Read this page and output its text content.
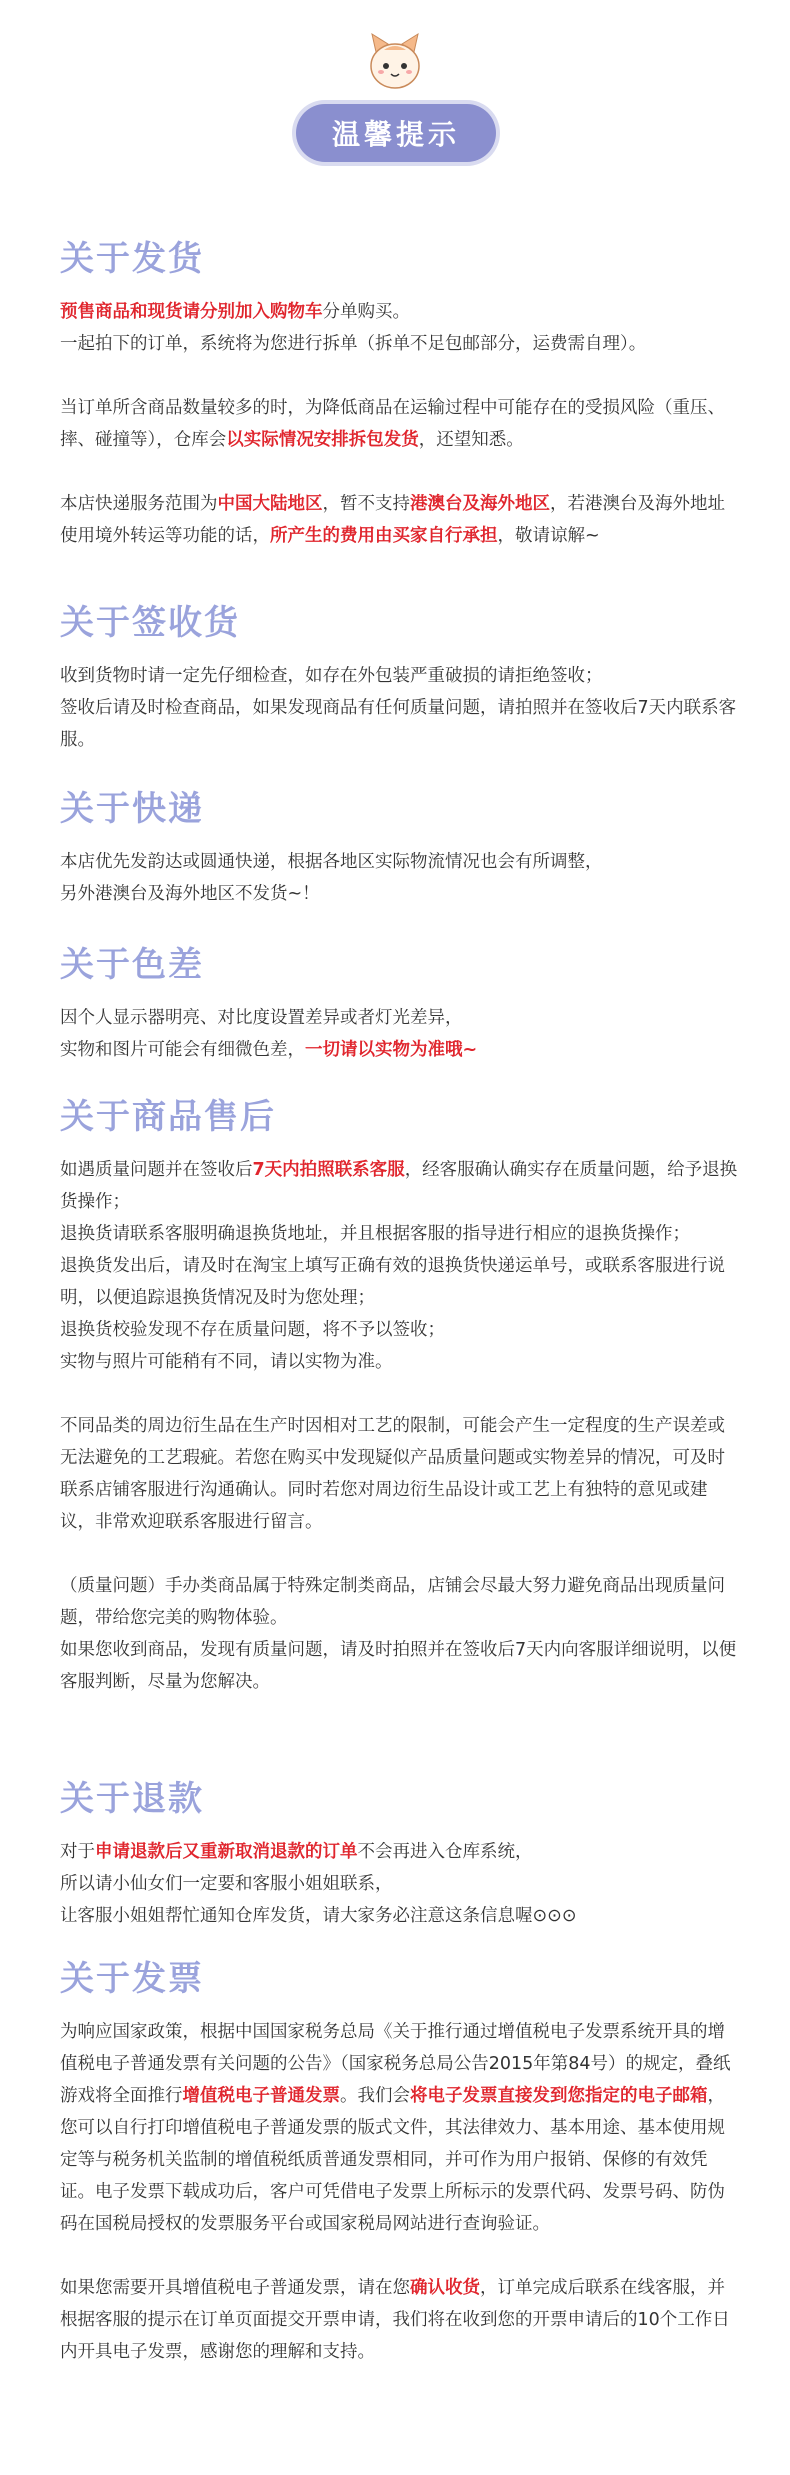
温馨提示
关于发货

预售商品和现货请分别加入购物车分单购买。

一起拍下的订单，系统将为您进行拆单（拆单不足包邮部分，运费需自理）。

当订单所含商品数量较多的时，为降低商品在运输过程中可能存在的受损风险（重压、摔、碰撞等），仓库会以实际情况安排拆包发货，还望知悉。

本店快递服务范围为中国大陆地区，暂不支持港澳台及海外地区，若港澳台及海外地址使用境外转运等功能的话，所产生的费用由买家自行承担，敬请谅解~

关于签收货

收到货物时请一定先仔细检查，如存在外包装严重破损的请拒绝签收；

签收后请及时检查商品，如果发现商品有任何质量问题，请拍照并在签收后7天内联系客服。

关于快递

本店优先发韵达或圆通快递，根据各地区实际物流情况也会有所调整，

另外港澳台及海外地区不发货~！

关于色差

因个人显示器明亮、对比度设置差异或者灯光差异，

实物和图片可能会有细微色差，一切请以实物为准哦~

关于商品售后

如遇质量问题并在签收后7天内拍照联系客服，经客服确认确实存在质量问题，给予退换货操作；

退换货请联系客服明确退换货地址，并且根据客服的指导进行相应的退换货操作；

退换货发出后，请及时在淘宝上填写正确有效的退换货快递运单号，或联系客服进行说明，以便追踪退换货情况及时为您处理；

退换货校验发现不存在质量问题，将不予以签收；

实物与照片可能稍有不同，请以实物为准。

不同品类的周边衍生品在生产时因相对工艺的限制，可能会产生一定程度的生产误差或无法避免的工艺瑕疵。若您在购买中发现疑似产品质量问题或实物差异的情况，可及时联系店铺客服进行沟通确认。同时若您对周边衍生品设计或工艺上有独特的意见或建议，非常欢迎联系客服进行留言。

（质量问题）手办类商品属于特殊定制类商品，店铺会尽最大努力避免商品出现质量问题，带给您完美的购物体验。

如果您收到商品，发现有质量问题，请及时拍照并在签收后7天内向客服详细说明，以便客服判断，尽量为您解决。

关于退款

对于申请退款后又重新取消退款的订单不会再进入仓库系统，

所以请小仙女们一定要和客服小姐姐联系，

让客服小姐姐帮忙通知仓库发货，请大家务必注意这条信息喔⊙⊙⊙

关于发票

为响应国家政策，根据中国国家税务总局《关于推行通过增值税电子发票系统开具的增值税电子普通发票有关问题的公告》（国家税务总局公告2015年第84号）的规定，叠纸游戏将全面推行增值税电子普通发票。我们会将电子发票直接发到您指定的电子邮箱，您可以自行打印增值税电子普通发票的版式文件，其法律效力、基本用途、基本使用规定等与税务机关监制的增值税纸质普通发票相同，并可作为用户报销、保修的有效凭证。电子发票下载成功后，客户可凭借电子发票上所标示的发票代码、发票号码、防伪码在国税局授权的发票服务平台或国家税局网站进行查询验证。

如果您需要开具增值税电子普通发票，请在您确认收货，订单完成后联系在线客服，并根据客服的提示在订单页面提交开票申请，我们将在收到您的开票申请后的10个工作日内开具电子发票，感谢您的理解和支持。
